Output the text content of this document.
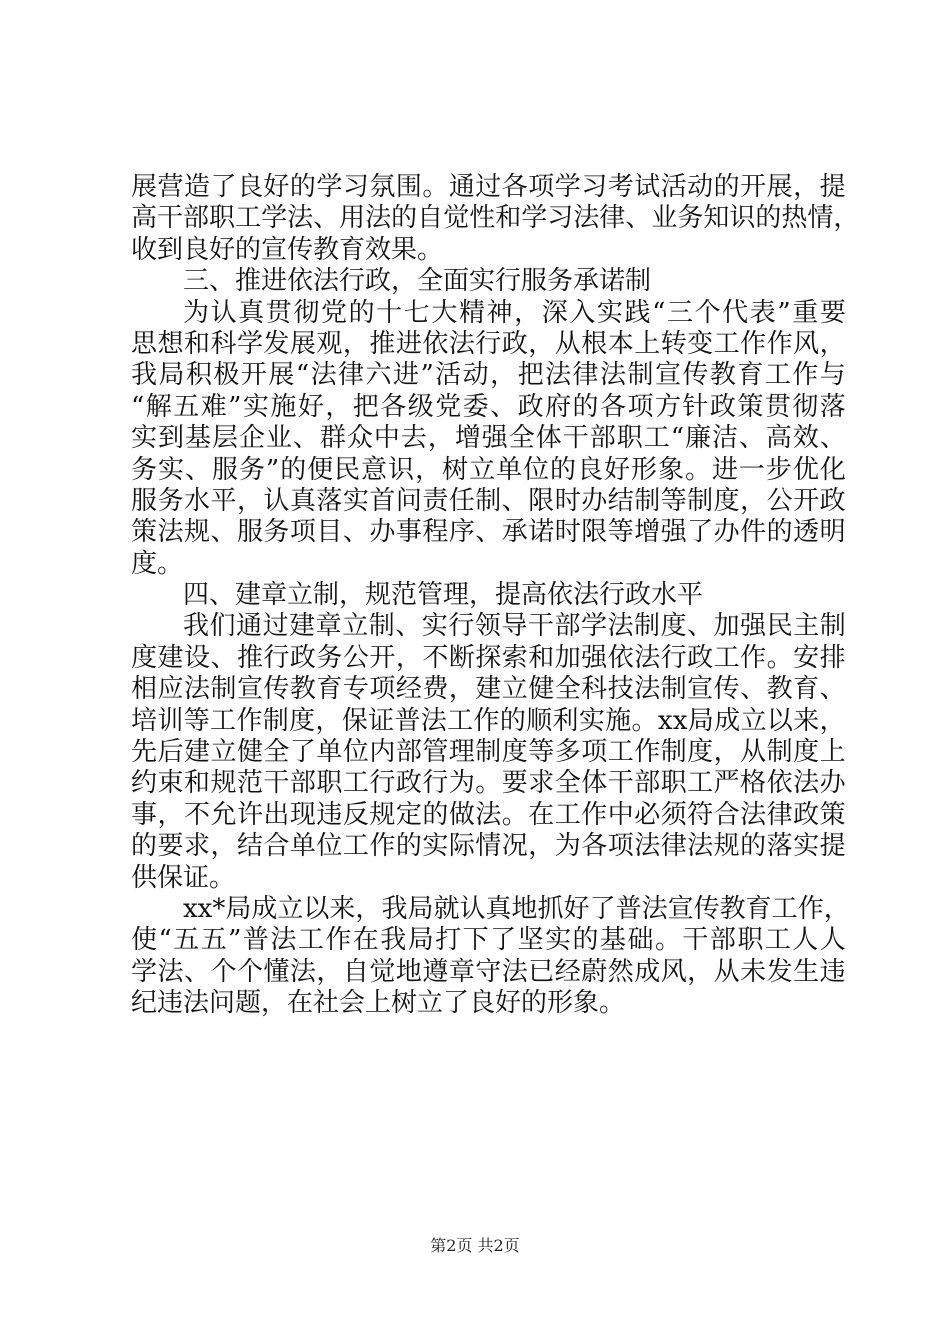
展 营 造 了 良 好 的 学 习 氛 围 。 通 过 各 项 学 习 考 试 活 动 的 开 展 ， 提
高 干 部 职 工 学 法 、 用 法 的 自 觉 性 和 学 习 法 律 、 业 务 知 识 的 热 情 ，
收到良好的宣传教育效果。
三、推进依法行政，全面实行服务承诺制
为 认 真 贯 彻 党 的 十 七 大 精 神 ， 深 入 实 践 “ 三 个 代 表 ” 重 要
思 想 和 科 学 发 展 观 ， 推 进 依 法 行 政 ， 从 根 本 上 转 变 工 作 作 风 ，
我 局 积 极 开 展 “ 法 律 六 进 ” 活 动 ， 把 法 律 法 制 宣 传 教 育 工 作 与
“ 解 五 难 ” 实 施 好 ， 把 各 级 党 委 、 政 府 的 各 项 方 针 政 策 贯 彻 落
实 到 基 层 企 业 、 群 众 中 去 ， 增 强 全 体 干 部 职 工 “ 廉 洁 、 高 效 、
务 实 、 服 务 ” 的 便 民 意 识 ， 树 立 单 位 的 良 好 形 象 。 进 一 步 优 化
服 务 水 平 ， 认 真 落 实 首 问 责 任 制 、 限 时 办 结 制 等 制 度 ， 公 开 政
策 法 规 、 服 务 项 目 、 办 事 程 序 、 承 诺 时 限 等 增 强 了 办 件 的 透 明
度。
四、建章立制，规范管理，提高依法行政水平
我 们 通 过 建 章 立 制 、 实 行 领 导 干 部 学 法 制 度 、 加 强 民 主 制
度 建 设 、 推 行 政 务 公 开 ， 不 断 探 索 和 加 强 依 法 行 政 工 作 。 安 排
相 应 法 制 宣 传 教 育 专 项 经 费 ， 建 立 健 全 科 技 法 制 宣 传 、 教 育 、
培 训 等 工 作 制 度 ， 保 证 普 法 工 作 的 顺 利 实 施 。 x x 局 成 立 以 来 ，
先 后 建 立 健 全 了 单 位 内 部 管 理 制 度 等 多 项 工 作 制 度 ， 从 制 度 上
约 束 和 规 范 干 部 职 工 行 政 行 为 。 要 求 全 体 干 部 职 工 严 格 依 法 办
事 ， 不 允 许 出 现 违 反 规 定 的 做 法 。 在 工 作 中 必 须 符 合 法 律 政 策
的 要 求 ， 结 合 单 位 工 作 的 实 际 情 况 ， 为 各 项 法 律 法 规 的 落 实 提
供保证。
x x * 局 成 立 以 来 ， 我 局 就 认 真 地 抓 好 了 普 法 宣 传 教 育 工 作 ，
使 “ 五 五 ” 普 法 工 作 在 我 局 打 下 了 坚 实 的 基 础 。 干 部 职 工 人 人
学 法 、 个 个 懂 法 ， 自 觉 地 遵 章 守 法 已 经 蔚 然 成 风 ， 从 未 发 生 违
纪违法问题，在社会上树立了良好的形象。
第2页 共2页
